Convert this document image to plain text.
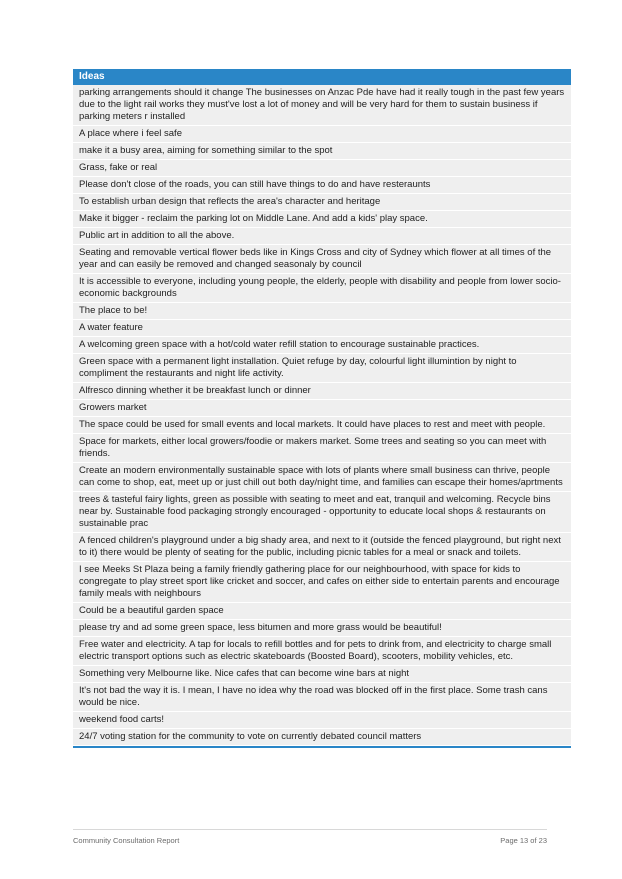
Ideas
parking arrangements should it change The businesses on Anzac Pde have had it really tough in the past few years due to the light rail works they must've lost a lot of money and will be very hard for them to sustain business if parking meters r installed
A place where i feel safe
make it a busy area, aiming for something similar to the spot
Grass, fake or real
Please don't close of the roads, you can still have things to do and have resteraunts
To establish urban design that reflects the area's character and heritage
Make it bigger - reclaim the parking lot on Middle Lane. And add a kids' play space.
Public art in addition to all the above.
Seating and removable vertical flower beds like in Kings Cross and city of Sydney which flower at all times of the year and can easily be removed and changed seasonaly by council
It is accessible to everyone, including young people, the elderly, people with disability and people from lower socio-economic backgrounds
The place to be!
A water feature
A welcoming green space with a hot/cold water refill station to encourage sustainable practices.
Green space with a permanent light installation. Quiet refuge by day, colourful light illumintion by night to compliment the restaurants and night life activity.
Alfresco dinning whether it be breakfast lunch or dinner
Growers market
The space could be used for small events and local markets. It could have places to rest and meet with people.
Space for markets, either local growers/foodie or makers market. Some trees and seating so you can meet with friends.
Create an modern environmentally sustainable space with lots of plants where small business can thrive, people can come to shop, eat, meet up or just chill out both day/night time, and families can escape their homes/aprtments
trees & tasteful fairy lights, green as possible with seating to meet and eat, tranquil and welcoming. Recycle bins near by. Sustainable food packaging strongly encouraged - opportunity to educate local shops & restaurants on sustainable prac
A fenced children's playground under a big shady area, and next to it (outside the fenced playground, but right next to it) there would be plenty of seating for the public, including picnic tables for a meal or snack and toilets.
I see Meeks St Plaza being a family friendly gathering place for our neighbourhood, with space for kids to congregate to play street sport like cricket and soccer, and cafes on either side to entertain parents and encourage family meals with neighbours
Could be a beautiful garden space
please try and ad some green space, less bitumen and more grass would be beautiful!
Free water and electricity. A tap for locals to refill bottles and for pets to drink from, and electricity to charge small electric transport options such as electric skateboards (Boosted Board), scooters, mobility vehicles, etc.
Something very Melbourne like. Nice cafes that can become wine bars at night
It's not bad the way it is. I mean, I have no idea why the road was blocked off in the first place. Some trash cans would be nice.
weekend food carts!
24/7 voting station for the community to vote on currently debated council matters
Community Consultation Report	Page 13 of 23
